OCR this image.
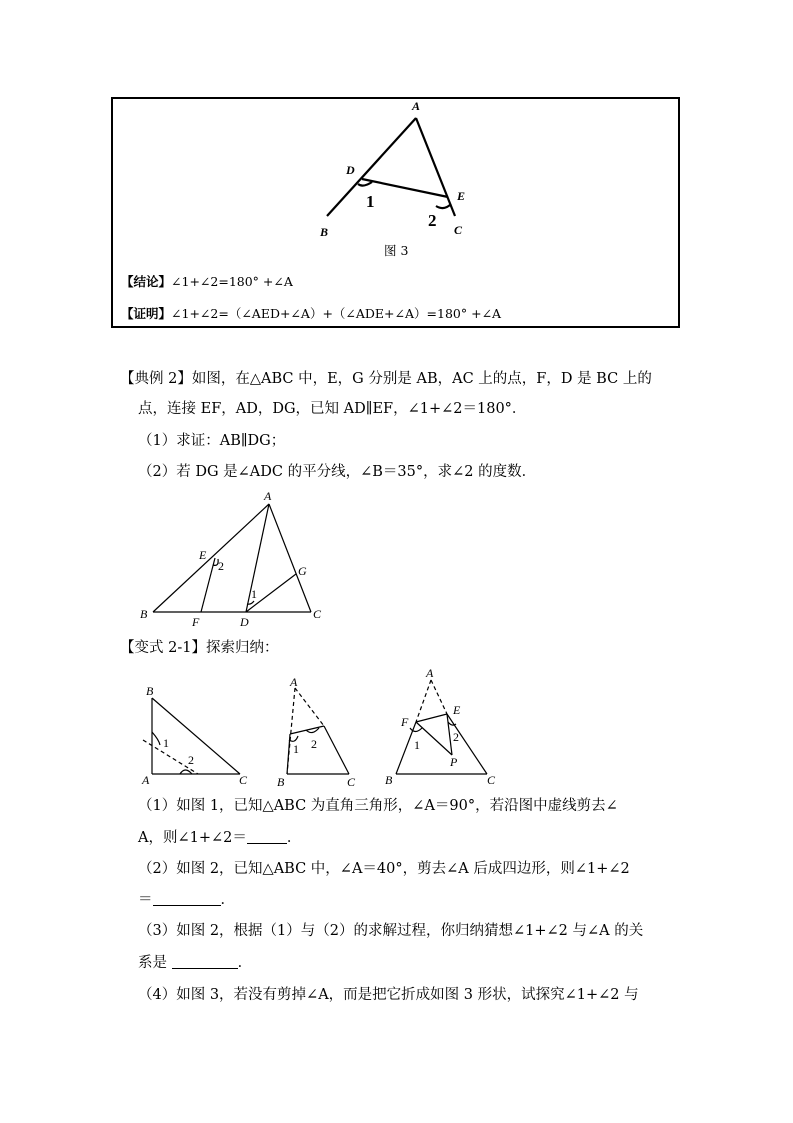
A
D
E
1
2
B	C
图 3
【结论】∠1+∠2=180° +∠A
【证明】∠1+∠2=（∠AED+∠A）+（∠ADE+∠A）=180° +∠A
【典例 2】如图，在△ABC 中，E，G 分别是 AB，AC 上的点，F，D 是 BC 上的
点，连接 EF，AD，DG，已知 AD∥EF，∠1+∠2＝180°．
（1）求证：AB∥DG；
（2）若 DG 是∠ADC 的平分线，∠B＝35°，求∠2 的度数．
A
E
2	G
1
B	C
F	D
【变式 2-1】探索归纳：
B
1
2
A	C
A
1 2
B	C
A
F
E
1
2
P
B	C
（1）如图 1，已知△ABC 为直角三角形，∠A＝90°，若沿图中虚线剪去∠
A，则∠1+∠2＝	．
（2）如图 2，已知△ABC 中，∠A＝40°，剪去∠A 后成四边形，则∠1+∠2
＝	．
（3）如图 2，根据（1）与（2）的求解过程，你归纳猜想∠1+∠2 与∠A 的关
系是	．
（4）如图 3，若没有剪掉∠A，而是把它折成如图 3 形状，试探究∠1+∠2 与
